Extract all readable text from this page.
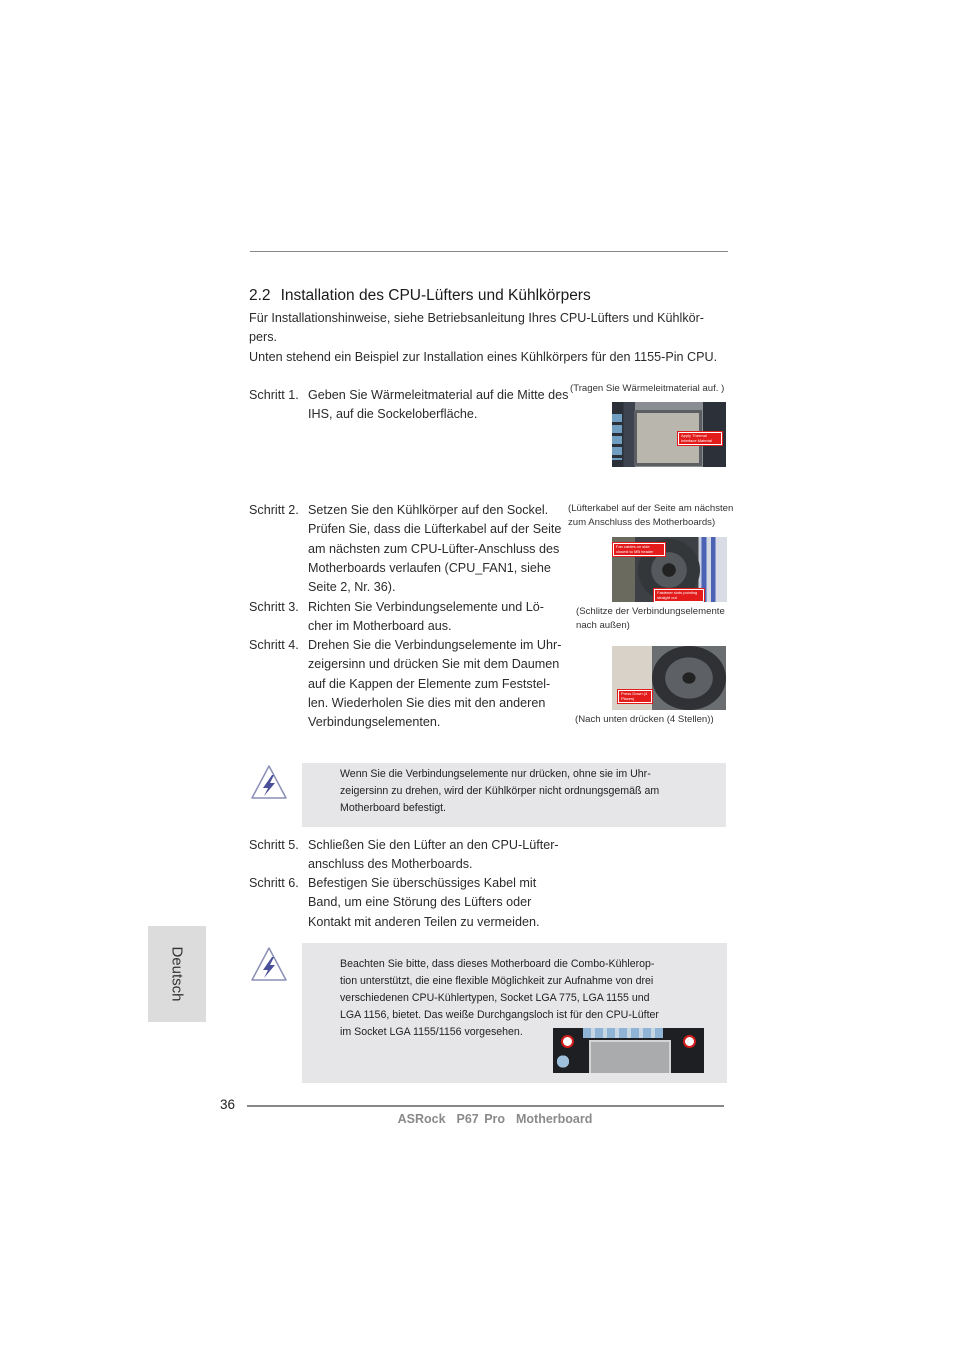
2.2 Installation des CPU-Lüfters und Kühlkörpers
Für Installationshinweise, siehe Betriebsanleitung Ihres CPU-Lüfters und Kühlkör-
pers.
Unten stehend ein Beispiel zur Installation eines Kühlkörpers für den 1155-Pin CPU.
Schritt 1. Geben Sie Wärmeleitmaterial auf die Mitte des IHS, auf die Sockeloberfläche.
Schritt 2. Setzen Sie den Kühlkörper auf den Sockel. Prüfen Sie, dass die Lüfterkabel auf der Seite am nächsten zum CPU-Lüfter-Anschluss des Motherboards verlaufen (CPU_FAN1, siehe Seite 2, Nr. 36).
Schritt 3. Richten Sie Verbindungselemente und Lö-cher im Motherboard aus.
Schritt 4. Drehen Sie die Verbindungselemente im Uhr-zeigersinn und drücken Sie mit dem Daumen auf die Kappen der Elemente zum Feststel-len. Wiederholen Sie dies mit den anderen Verbindungselementen.
Schritt 5. Schließen Sie den Lüfter an den CPU-Lüfter-anschluss des Motherboards.
Schritt 6. Befestigen Sie überschüssiges Kabel mit Band, um eine Störung des Lüfters oder Kontakt mit anderen Teilen zu vermeiden.
(Tragen Sie Wärmeleitmaterial auf. )
(Lüfterkabel auf der Seite am nächsten
zum Anschluss des Motherboards)
(Schlitze der Verbindungselemente
nach außen)
(Nach unten drücken (4 Stellen))
Apply Thermal Interface Material
Fan cables on side closest to MB header
Fastener slots pointing straight out
Press Down (4 Places)
Wenn Sie die Verbindungselemente nur drücken, ohne sie im Uhr-
zeigersinn zu drehen, wird der Kühlkörper nicht ordnungsgemäß am
Motherboard befestigt.
Beachten Sie bitte, dass dieses Motherboard die Combo-Kühlerop-
tion unterstützt, die eine flexible Möglichkeit zur Aufnahme von drei
verschiedenen CPU-Kühlertypen, Socket LGA 775, LGA 1155 und
LGA 1156, bietet. Das weiße Durchgangsloch ist für den CPU-Lüfter
im Socket LGA 1155/1156 vorgesehen.
Deutsch
36
ASRock  P67 Pro  Motherboard
